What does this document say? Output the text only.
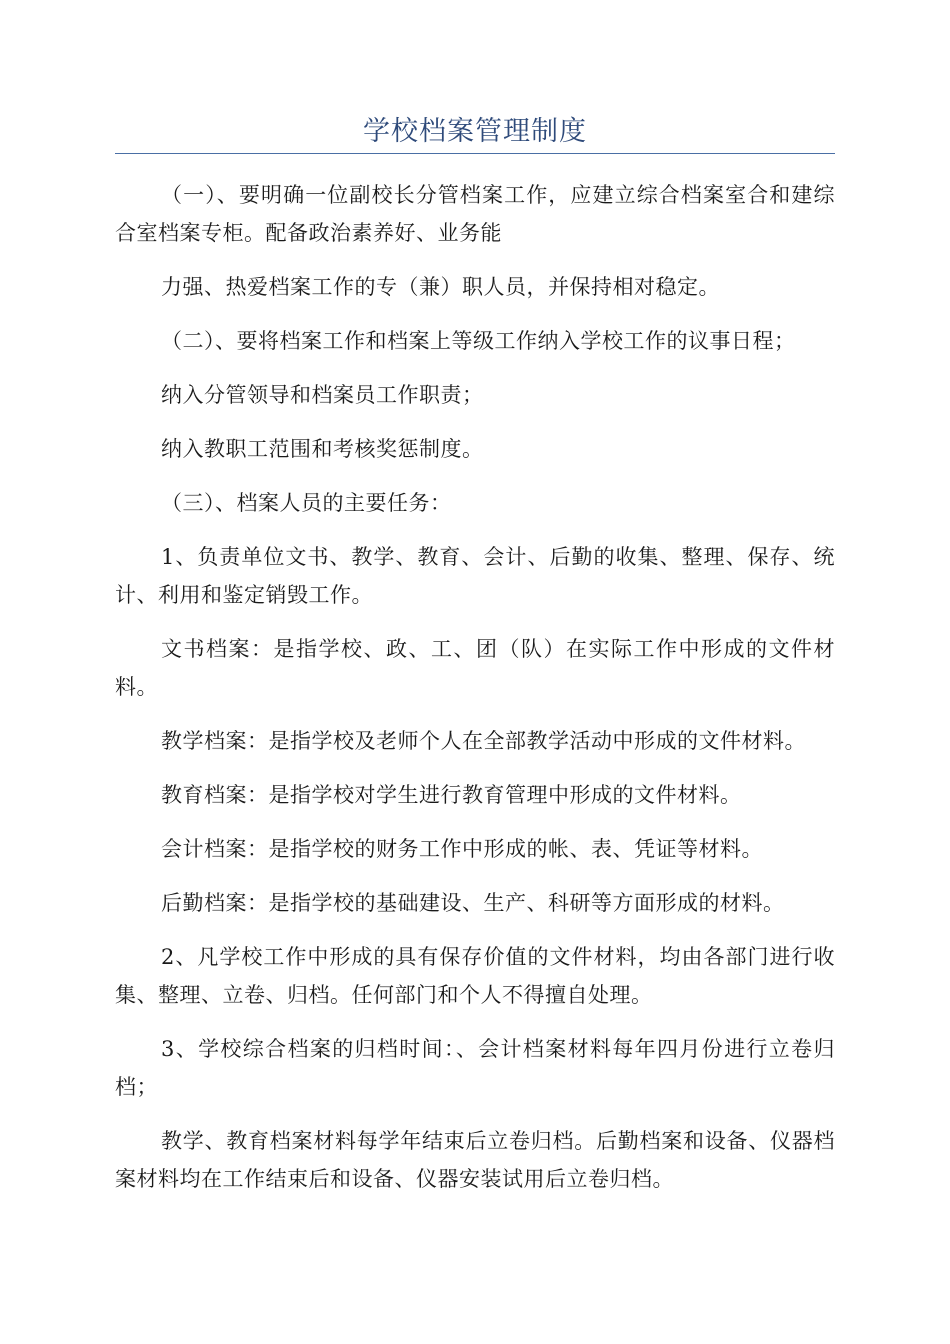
学校档案管理制度

（一）、要明确一位副校长分管档案工作，应建立综合档案室合和建综合室档案专柜。配备政治素养好、业务能

力强、热爱档案工作的专（兼）职人员，并保持相对稳定。

（二）、要将档案工作和档案上等级工作纳入学校工作的议事日程；

纳入分管领导和档案员工作职责；

纳入教职工范围和考核奖惩制度。

（三）、档案人员的主要任务：

1、负责单位文书、教学、教育、会计、后勤的收集、整理、保存、统计、利用和鉴定销毁工作。

文书档案：是指学校、政、工、团（队）在实际工作中形成的文件材料。

教学档案：是指学校及老师个人在全部教学活动中形成的文件材料。

教育档案：是指学校对学生进行教育管理中形成的文件材料。

会计档案：是指学校的财务工作中形成的帐、表、凭证等材料。

后勤档案：是指学校的基础建设、生产、科研等方面形成的材料。

2、凡学校工作中形成的具有保存价值的文件材料，均由各部门进行收集、整理、立卷、归档。任何部门和个人不得擅自处理。

3、学校综合档案的归档时间：、会计档案材料每年四月份进行立卷归档；

教学、教育档案材料每学年结束后立卷归档。后勤档案和设备、仪器档案材料均在工作结束后和设备、仪器安装试用后立卷归档。
